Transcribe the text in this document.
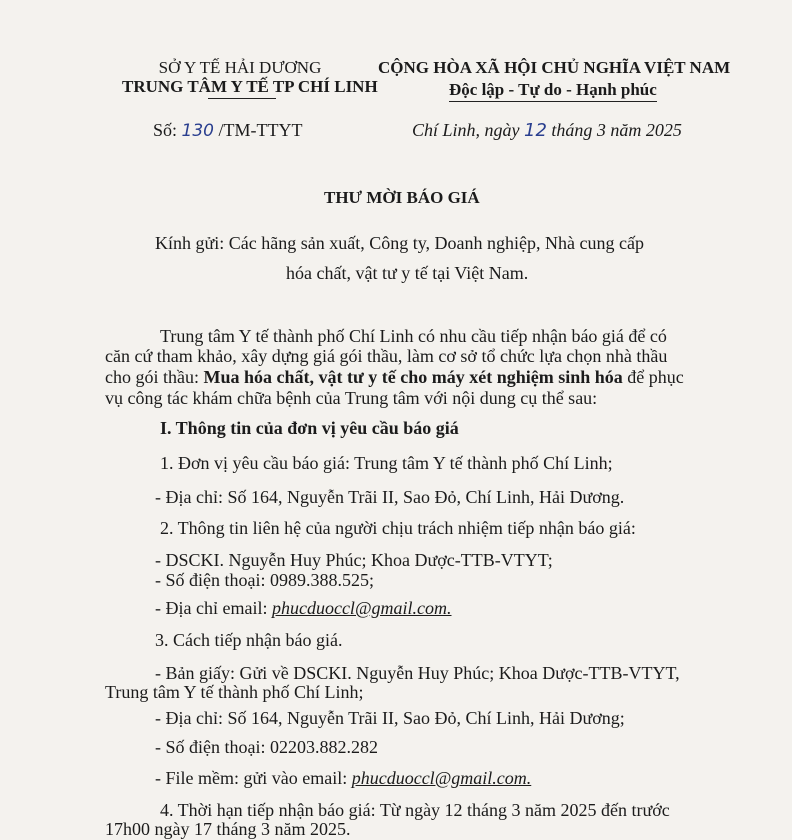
SỞ Y TẾ HẢI DƯƠNG
TRUNG TÂM Y TẾ TP CHÍ LINH
CỘNG HÒA XÃ HỘI CHỦ NGHĨA VIỆT NAM
Độc lập - Tự do - Hạnh phúc
Số: 130 /TM-TTYT	Chí Linh, ngày 12 tháng 3 năm 2025
THƯ MỜI BÁO GIÁ
Kính gửi: Các hãng sản xuất, Công ty, Doanh nghiệp, Nhà cung cấp
hóa chất, vật tư y tế tại Việt Nam.
Trung tâm Y tế thành phố Chí Linh có nhu cầu tiếp nhận báo giá để có
căn cứ tham khảo, xây dựng giá gói thầu, làm cơ sở tổ chức lựa chọn nhà thầu
cho gói thầu: Mua hóa chất, vật tư y tế cho máy xét nghiệm sinh hóa để phục
vụ công tác khám chữa bệnh của Trung tâm với nội dung cụ thể sau:
I. Thông tin của đơn vị yêu cầu báo giá
1. Đơn vị yêu cầu báo giá: Trung tâm Y tế thành phố Chí Linh;
- Địa chỉ: Số 164, Nguyễn Trãi II, Sao Đỏ, Chí Linh, Hải Dương.
2. Thông tin liên hệ của người chịu trách nhiệm tiếp nhận báo giá:
- DSCKI. Nguyễn Huy Phúc; Khoa Dược-TTB-VTYT;
- Số điện thoại: 0989.388.525;
- Địa chỉ email: phucduoccl@gmail.com.
3. Cách tiếp nhận báo giá.
- Bản giấy: Gửi về DSCKI. Nguyễn Huy Phúc; Khoa Dược-TTB-VTYT,
Trung tâm Y tế thành phố Chí Linh;
- Địa chỉ: Số 164, Nguyễn Trãi II, Sao Đỏ, Chí Linh, Hải Dương;
- Số điện thoại: 02203.882.282
- File mềm: gửi vào email: phucduoccl@gmail.com.
4. Thời hạn tiếp nhận báo giá: Từ ngày 12 tháng 3 năm 2025 đến trước
17h00 ngày 17 tháng 3 năm 2025.
